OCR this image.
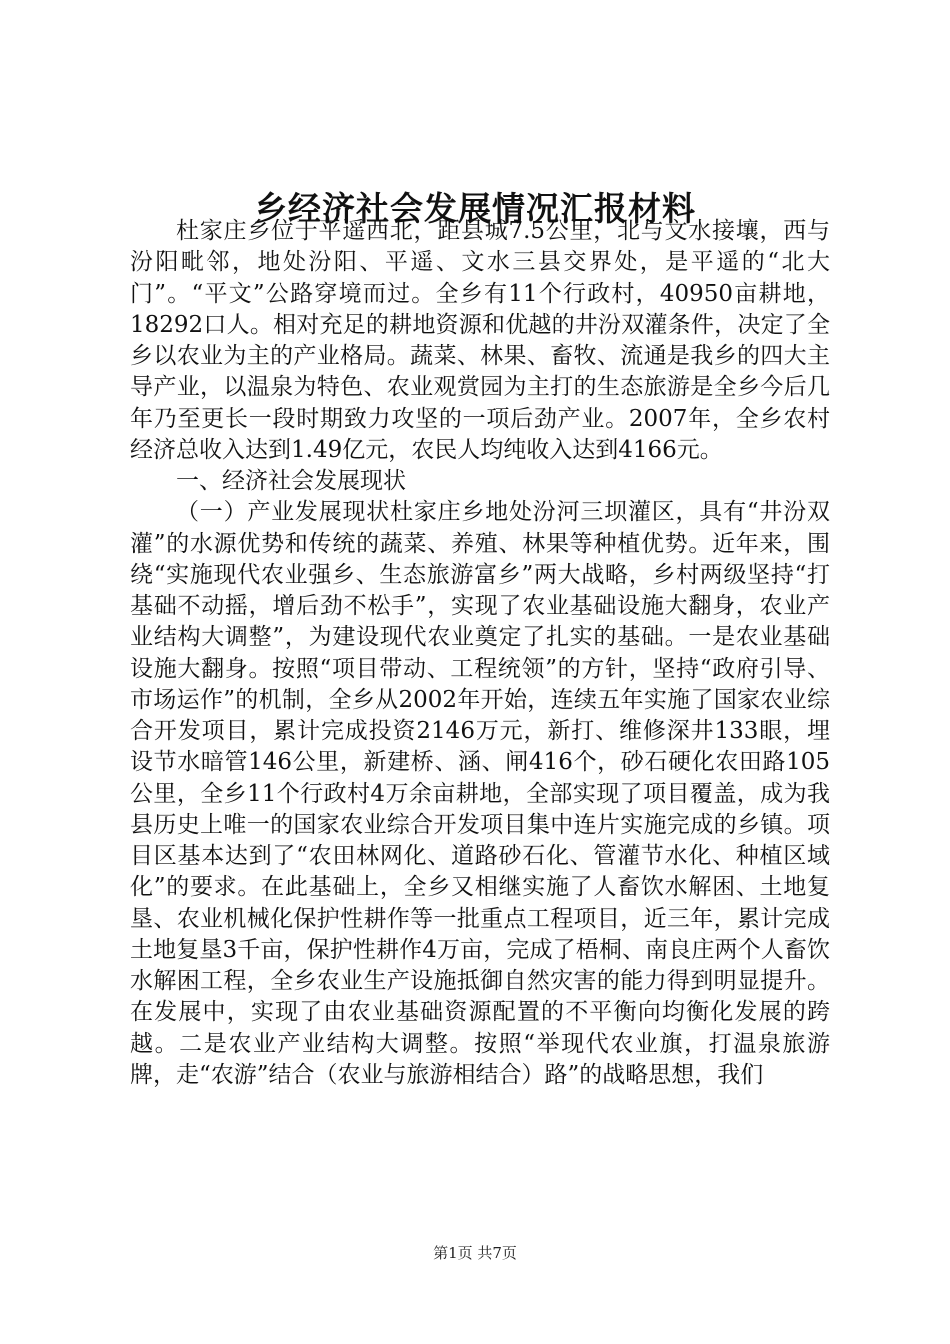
乡经济社会发展情况汇报材料

杜家庄乡位于平遥西北，距县城7.5公里，北与文水接壤，西与汾阳毗邻，地处汾阳、平遥、文水三县交界处，是平遥的“北大门”。“平文”公路穿境而过。全乡有11个行政村，40950亩耕地，18292口人。相对充足的耕地资源和优越的井汾双灌条件，决定了全乡以农业为主的产业格局。蔬菜、林果、畜牧、流通是我乡的四大主导产业，以温泉为特色、农业观赏园为主打的生态旅游是全乡今后几年乃至更长一段时期致力攻坚的一项后劲产业。2007年，全乡农村经济总收入达到1.49亿元，农民人均纯收入达到4166元。

一、经济社会发展现状

（一）产业发展现状杜家庄乡地处汾河三坝灌区，具有“井汾双灌”的水源优势和传统的蔬菜、养殖、林果等种植优势。近年来，围绕“实施现代农业强乡、生态旅游富乡”两大战略，乡村两级坚持“打基础不动摇，增后劲不松手”，实现了农业基础设施大翻身，农业产业结构大调整”，为建设现代农业奠定了扎实的基础。一是农业基础设施大翻身。按照“项目带动、工程统领”的方针，坚持“政府引导、市场运作”的机制，全乡从2002年开始，连续五年实施了国家农业综合开发项目，累计完成投资2146万元，新打、维修深井133眼，埋设节水暗管146公里，新建桥、涵、闸416个，砂石硬化农田路105公里，全乡11个行政村4万余亩耕地，全部实现了项目覆盖，成为我县历史上唯一的国家农业综合开发项目集中连片实施完成的乡镇。项目区基本达到了“农田林网化、道路砂石化、管灌节水化、种植区域化”的要求。在此基础上，全乡又相继实施了人畜饮水解困、土地复垦、农业机械化保护性耕作等一批重点工程项目，近三年，累计完成土地复垦3千亩，保护性耕作4万亩，完成了梧桐、南良庄两个人畜饮水解困工程，全乡农业生产设施抵御自然灾害的能力得到明显提升。在发展中，实现了由农业基础资源配置的不平衡向均衡化发展的跨越。二是农业产业结构大调整。按照“举现代农业旗，打温泉旅游牌，走“农游”结合（农业与旅游相结合）路”的战略思想，我们

第1页 共7页
